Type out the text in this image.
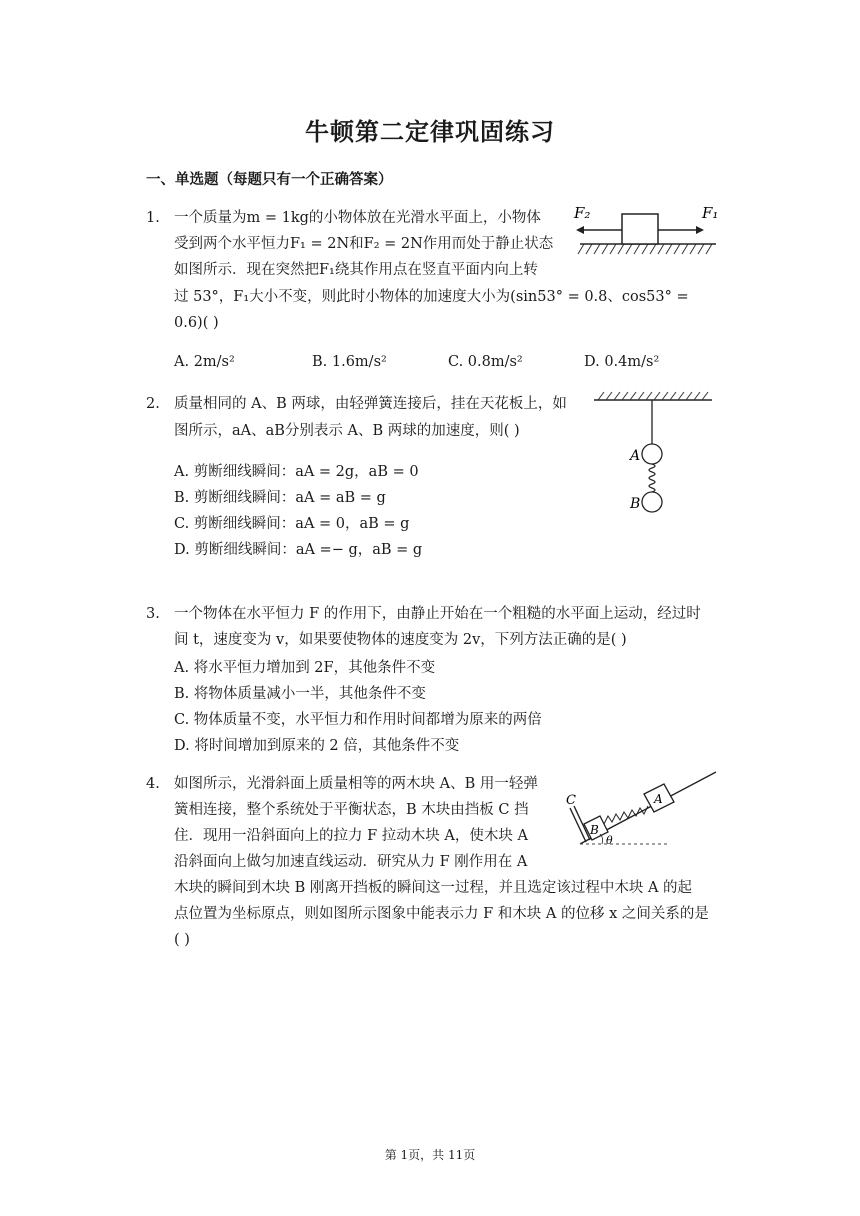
牛顿第二定律巩固练习
一、单选题（每题只有一个正确答案）
1. 一个质量为m = 1kg的小物体放在光滑水平面上，小物体
受到两个水平恒力F₁ = 2N和F₂ = 2N作用而处于静止状态
如图所示．现在突然把F₁绕其作用点在竖直平面内向上转
过 53°，F₁大小不变，则此时小物体的加速度大小为(sin53° = 0.8、cos53° =
0.6)( )
A. 2m/s²	B. 1.6m/s²	C. 0.8m/s²	D. 0.4m/s²
F₂	F₁
2. 质量相同的 A、B 两球，由轻弹簧连接后，挂在天花板上，如
图所示，aA、aB分别表示 A、B 两球的加速度，则( )
A. 剪断细线瞬间：aA = 2g，aB = 0
B. 剪断细线瞬间：aA = aB = g
C. 剪断细线瞬间：aA = 0，aB = g
D. 剪断细线瞬间：aA =− g，aB = g
A
B
3. 一个物体在水平恒力 F 的作用下，由静止开始在一个粗糙的水平面上运动，经过时
间 t，速度变为 v，如果要使物体的速度变为 2v，下列方法正确的是( )
A. 将水平恒力增加到 2F，其他条件不变
B. 将物体质量减小一半，其他条件不变
C. 物体质量不变，水平恒力和作用时间都增为原来的两倍
D. 将时间增加到原来的 2 倍，其他条件不变
4. 如图所示，光滑斜面上质量相等的两木块 A、B 用一轻弹
簧相连接，整个系统处于平衡状态，B 木块由挡板 C 挡
住．现用一沿斜面向上的拉力 F 拉动木块 A，使木块 A
沿斜面向上做匀加速直线运动．研究从力 F 刚作用在 A
木块的瞬间到木块 B 刚离开挡板的瞬间这一过程，并且选定该过程中木块 A 的起
点位置为坐标原点，则如图所示图象中能表示力 F 和木块 A 的位移 x 之间关系的是
( )
C
B
A
θ
第 1页，共 11页
